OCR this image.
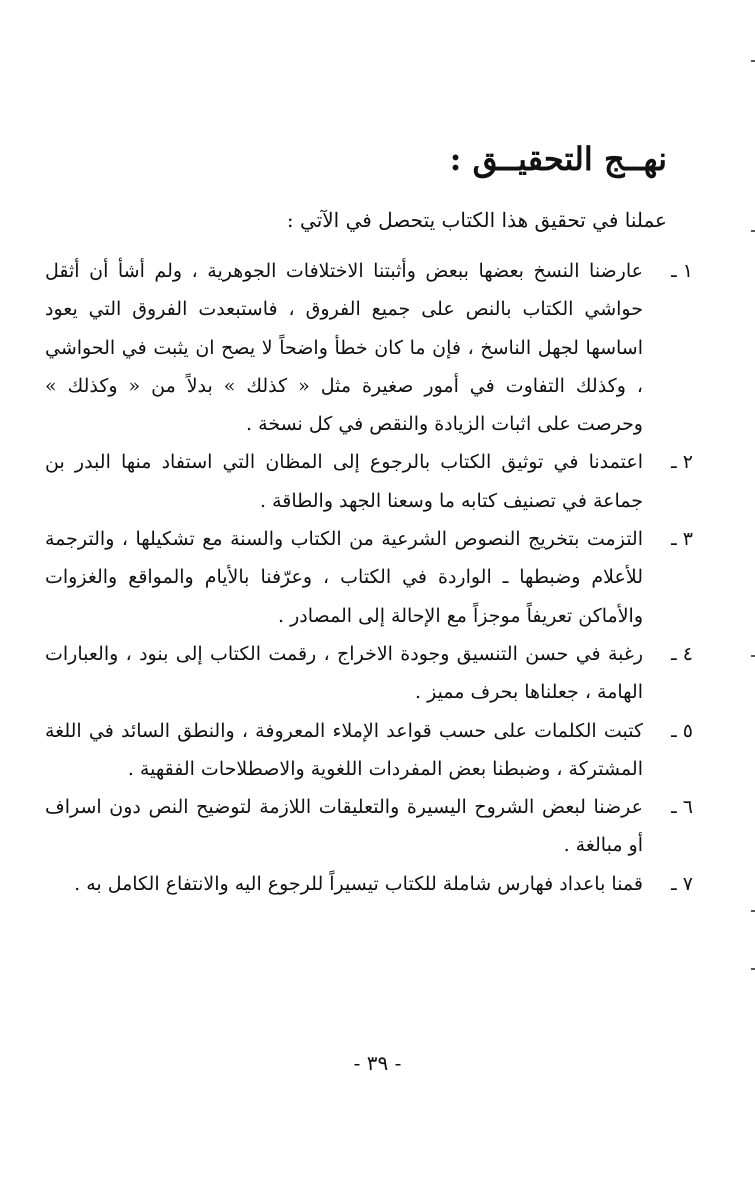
نهــج التحقيــق :
عملنا في تحقيق هذا الكتاب يتحصل في الآتي :
١ ـ
عارضنا النسخ بعضها ببعض وأثبتنا الاختلافات الجوهرية ، ولم أشأ أن أثقل حواشي الكتاب بالنص على جميع الفروق ، فاستبعدت الفروق التي يعود اساسها لجهل الناسخ ، فإن ما كان خطأ واضحاً لا يصح ان يثبت في الحواشي ، وكذلك التفاوت في أمور صغيرة مثل « كذلك » بدلاً من « وكذلك » وحرصت على اثبات الزيادة والنقص في كل نسخة .
٢ ـ
اعتمدنا في توثيق الكتاب بالرجوع إلى المظان التي استفاد منها البدر بن جماعة في تصنيف كتابه ما وسعنا الجهد والطاقة .
٣ ـ
التزمت بتخريج النصوص الشرعية من الكتاب والسنة مع تشكيلها ، والترجمة للأعلام وضبطها ـ الواردة في الكتاب ، وعرّفنا بالأيام والمواقع والغزوات والأماكن تعريفاً موجزاً مع الإحالة إلى المصادر .
٤ ـ
رغبة في حسن التنسيق وجودة الاخراج ، رقمت الكتاب إلى بنود ، والعبارات الهامة ، جعلناها بحرف مميز .
٥ ـ
كتبت الكلمات على حسب قواعد الإملاء المعروفة ، والنطق السائد في اللغة المشتركة ، وضبطنا بعض المفردات اللغوية والاصطلاحات الفقهية .
٦ ـ
عرضنا لبعض الشروح اليسيرة والتعليقات اللازمة لتوضيح النص دون اسراف أو مبالغة .
٧ ـ
قمنا باعداد فهارس شاملة للكتاب تيسيراً للرجوع اليه والانتفاع الكامل به .
- ٣٩ -
